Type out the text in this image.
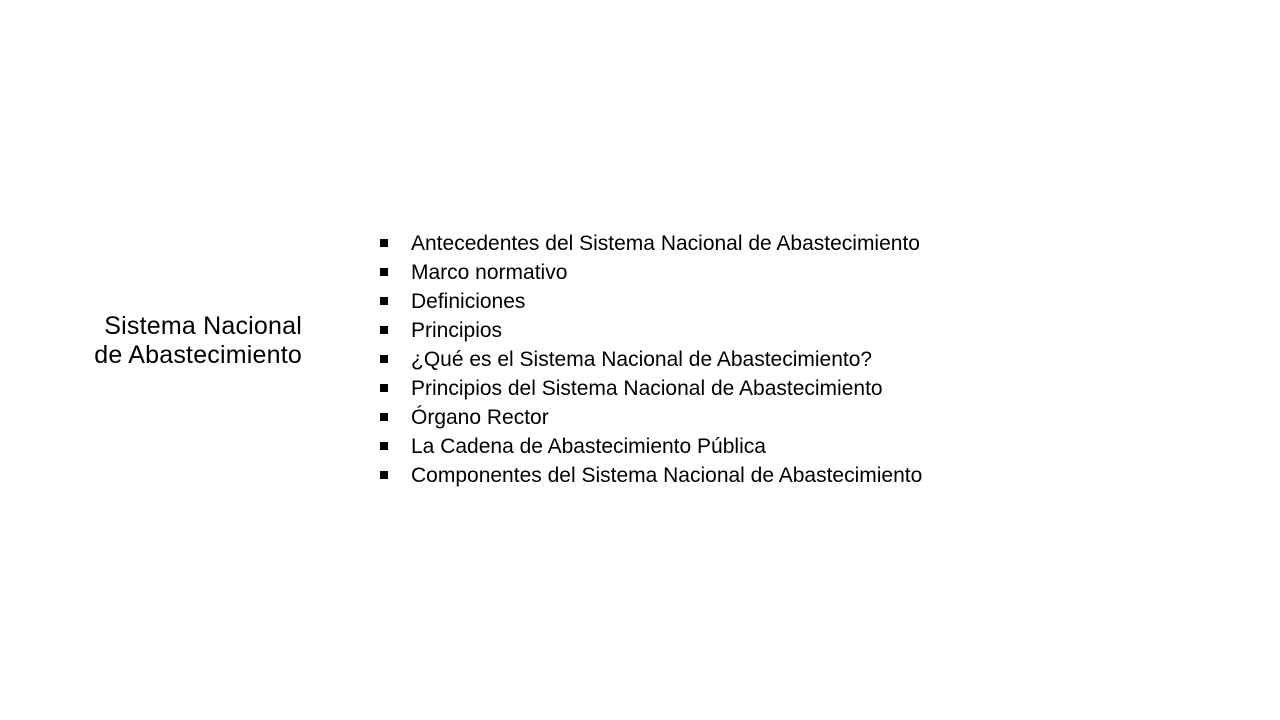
Sistema Nacional
de Abastecimiento
Antecedentes del Sistema Nacional de Abastecimiento
Marco normativo
Definiciones
Principios
¿Qué es el Sistema Nacional de Abastecimiento?
Principios del Sistema Nacional de Abastecimiento
Órgano Rector
La Cadena de Abastecimiento Pública
Componentes del Sistema Nacional de Abastecimiento
